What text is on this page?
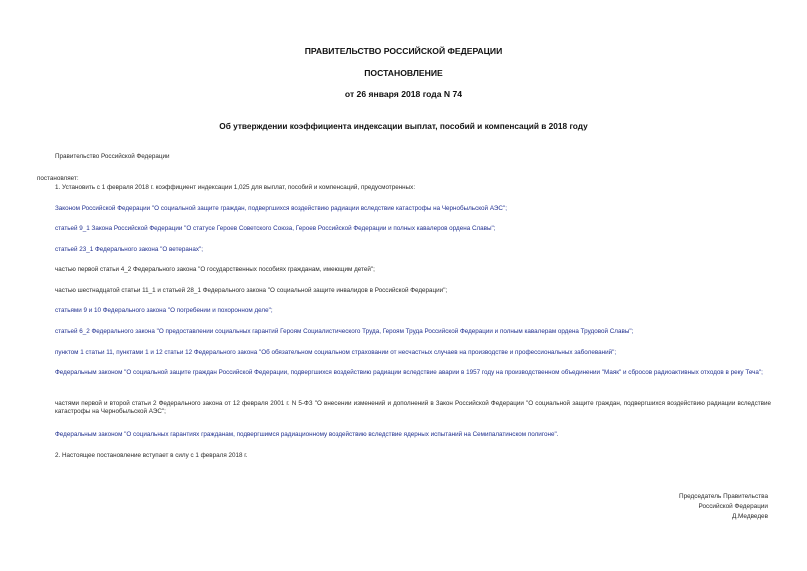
ПРАВИТЕЛЬСТВО РОССИЙСКОЙ ФЕДЕРАЦИИ
ПОСТАНОВЛЕНИЕ
от 26 января 2018 года N 74
Об утверждении коэффициента индексации выплат, пособий и компенсаций в 2018 году
Правительство Российской Федерации
постановляет:
1. Установить с 1 февраля 2018 г. коэффициент индексации 1,025 для выплат, пособий и компенсаций, предусмотренных:
Законом Российской Федерации "О социальной защите граждан, подвергшихся воздействию радиации вследствие катастрофы на Чернобыльской АЭС";
статьей 9_1 Закона Российской Федерации "О статусе Героев Советского Союза, Героев Российской Федерации и полных кавалеров ордена Славы";
статьей 23_1 Федерального закона "О ветеранах";
частью первой статьи 4_2 Федерального закона "О государственных пособиях гражданам, имеющим детей";
частью шестнадцатой статьи 11_1 и статьей 28_1 Федерального закона "О социальной защите инвалидов в Российской Федерации";
статьями 9 и 10 Федерального закона "О погребении и похоронном деле";
статьей 6_2 Федерального закона "О предоставлении социальных гарантий Героям Социалистического Труда, Героям Труда Российской Федерации и полным кавалерам ордена Трудовой Славы";
пунктом 1 статьи 11, пунктами 1 и 12 статьи 12 Федерального закона "Об обязательном социальном страховании от несчастных случаев на производстве и профессиональных заболеваний";
Федеральным законом "О социальной защите граждан Российской Федерации, подвергшихся воздействию радиации вследствие аварии в 1957 году на производственном объединении "Маяк" и сбросов радиоактивных отходов в реку Теча";
частями первой и второй статьи 2 Федерального закона от 12 февраля 2001 г. N 5-ФЗ "О внесении изменений и дополнений в Закон Российской Федерации "О социальной защите граждан, подвергшихся воздействию радиации вследствие катастрофы на Чернобыльской АЭС";
Федеральным законом "О социальных гарантиях гражданам, подвергшимся радиационному воздействию вследствие ядерных испытаний на Семипалатинском полигоне".
2. Настоящее постановление вступает в силу с 1 февраля 2018 г.
Председатель Правительства
Российской Федерации
Д.Медведев
